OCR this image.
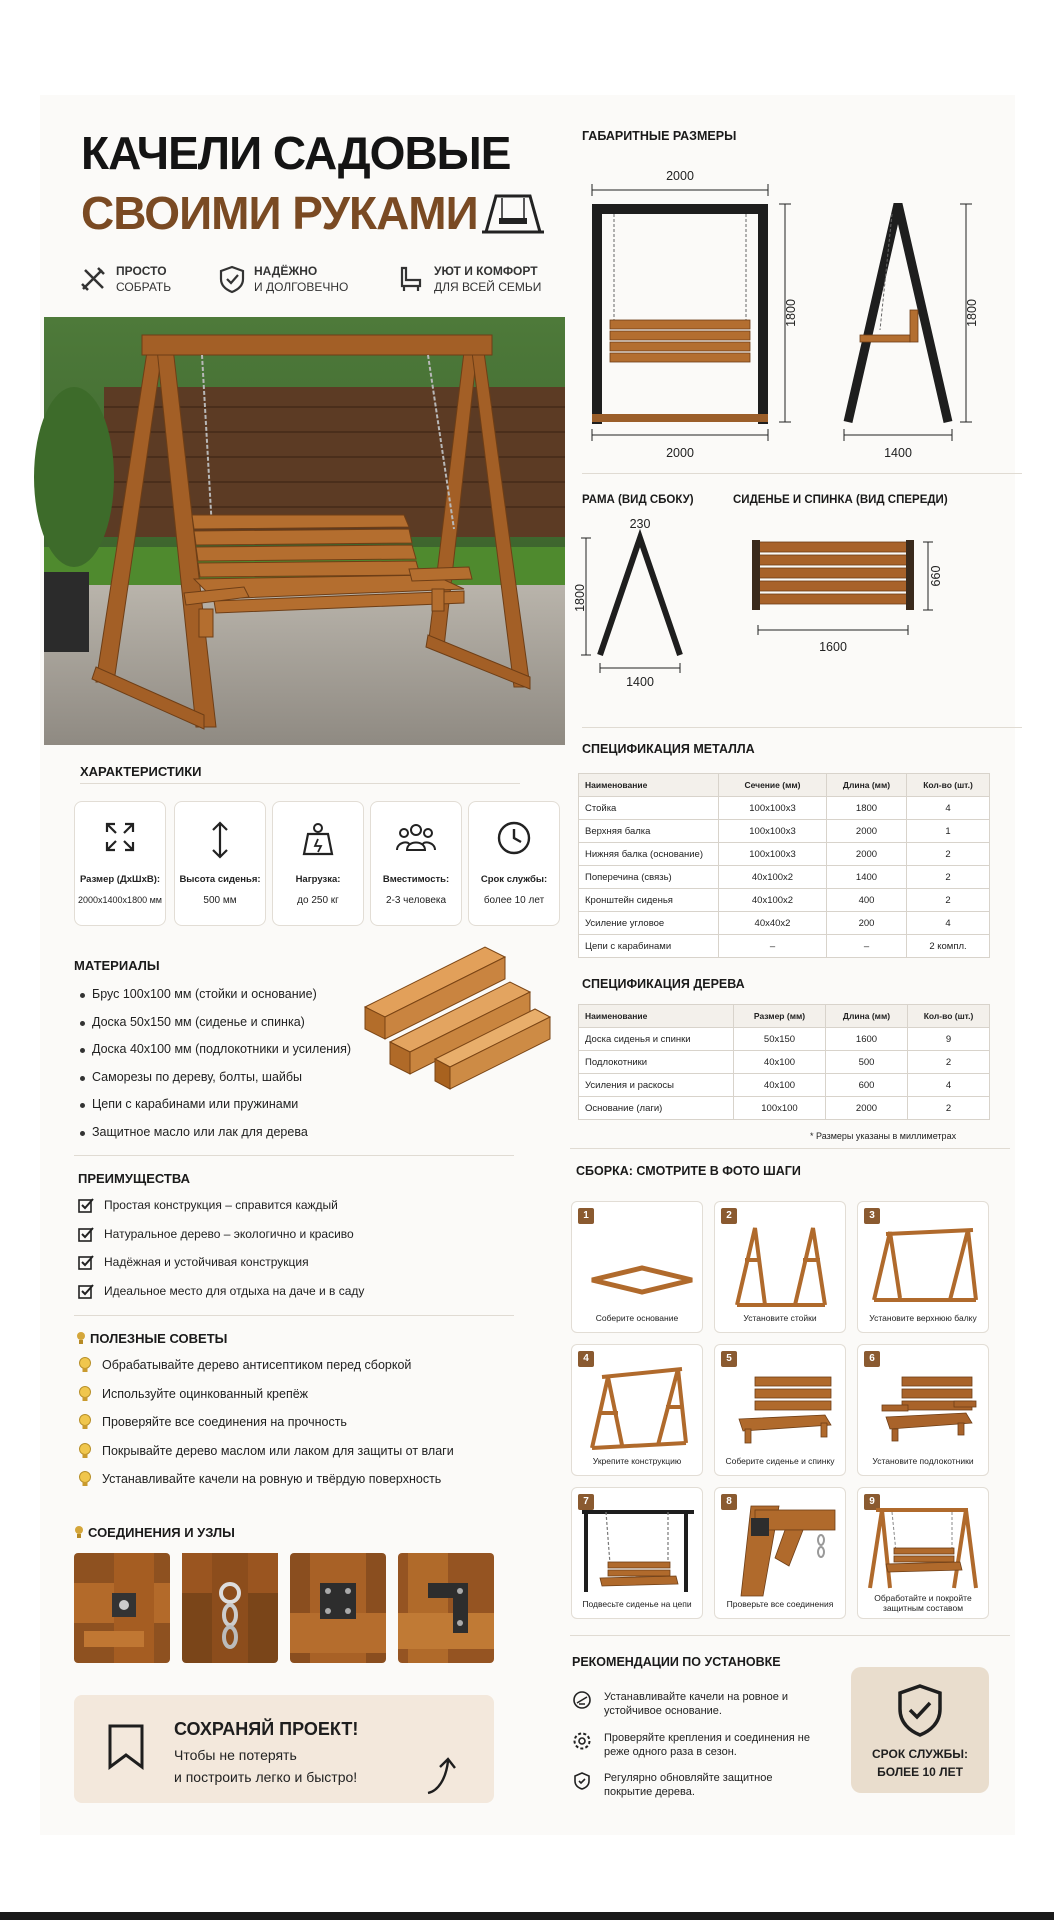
КАЧЕЛИ САДОВЫЕ
СВОИМИ РУКАМИ
ПРОСТО
СОБРАТЬ
НАДЁЖНО
И ДОЛГОВЕЧНО
УЮТ И КОМФОРТ
ДЛЯ ВСЕЙ СЕМЬИ
ХАРАКТЕРИСТИКИ
Размер (ДхШхВ):
2000x1400x1800 мм
Высота сиденья:
500 мм
Нагрузка:
до 250 кг
Вместимость:
2-3 человека
Срок службы:
более 10 лет
МАТЕРИАЛЫ
Брус 100x100 мм (стойки и основание)
Доска 50x150 мм (сиденье и спинка)
Доска 40x100 мм (подлокотники и усиления)
Саморезы по дереву, болты, шайбы
Цепи с карабинами или пружинами
Защитное масло или лак для дерева
ПРЕИМУЩЕСТВА
Простая конструкция – справится каждый
Натуральное дерево – экологично и красиво
Надёжная и устойчивая конструкция
Идеальное место для отдыха на даче и в саду
ПОЛЕЗНЫЕ СОВЕТЫ
Обрабатывайте дерево антисептиком перед сборкой
Используйте оцинкованный крепёж
Проверяйте все соединения на прочность
Покрывайте дерево маслом или лаком для защиты от влаги
Устанавливайте качели на ровную и твёрдую поверхность
СОЕДИНЕНИЯ И УЗЛЫ
СОХРАНЯЙ ПРОЕКТ!
Чтобы не потерять
и построить легко и быстро!
ГАБАРИТНЫЕ РАЗМЕРЫ
2000
1800
2000
1800
1400
РАМА (ВИД СБОКУ)	СИДЕНЬЕ И СПИНКА (ВИД СПЕРЕДИ)
230
1800
1400
660
1600
СПЕЦИФИКАЦИЯ МЕТАЛЛА
Наименование	Сечение (мм)	Длина (мм)	Кол-во (шт.)
Стойка	100x100x3	1800	4
Верхняя балка	100x100x3	2000	1
Нижняя балка (основание)	100x100x3	2000	2
Поперечина (связь)	40x100x2	1400	2
Кронштейн сиденья	40x100x2	400	2
Усиление угловое	40x40x2	200	4
Цепи с карабинами	–	–	2 компл.
СПЕЦИФИКАЦИЯ ДЕРЕВА
Наименование	Размер (мм)	Длина (мм)	Кол-во (шт.)
Доска сиденья и спинки	50x150	1600	9
Подлокотники	40x100	500	2
Усиления и раскосы	40x100	600	4
Основание (лаги)	100x100	2000	2
* Размеры указаны в миллиметрах
СБОРКА: СМОТРИТЕ В ФОТО ШАГИ
1
Соберите основание
2
Установите стойки
3
Установите верхнюю балку
4
Укрепите конструкцию
5
Соберите сиденье и спинку
6
Установите подлокотники
7
Подвесьте сиденье на цепи
8
Проверьте все соединения
9
Обработайте и покройте защитным составом
РЕКОМЕНДАЦИИ ПО УСТАНОВКЕ
Устанавливайте качели на ровное и устойчивое основание.
Проверяйте крепления и соединения не реже одного раза в сезон.
Регулярно обновляйте защитное покрытие дерева.
СРОК СЛУЖБЫ:
БОЛЕЕ 10 ЛЕТ
